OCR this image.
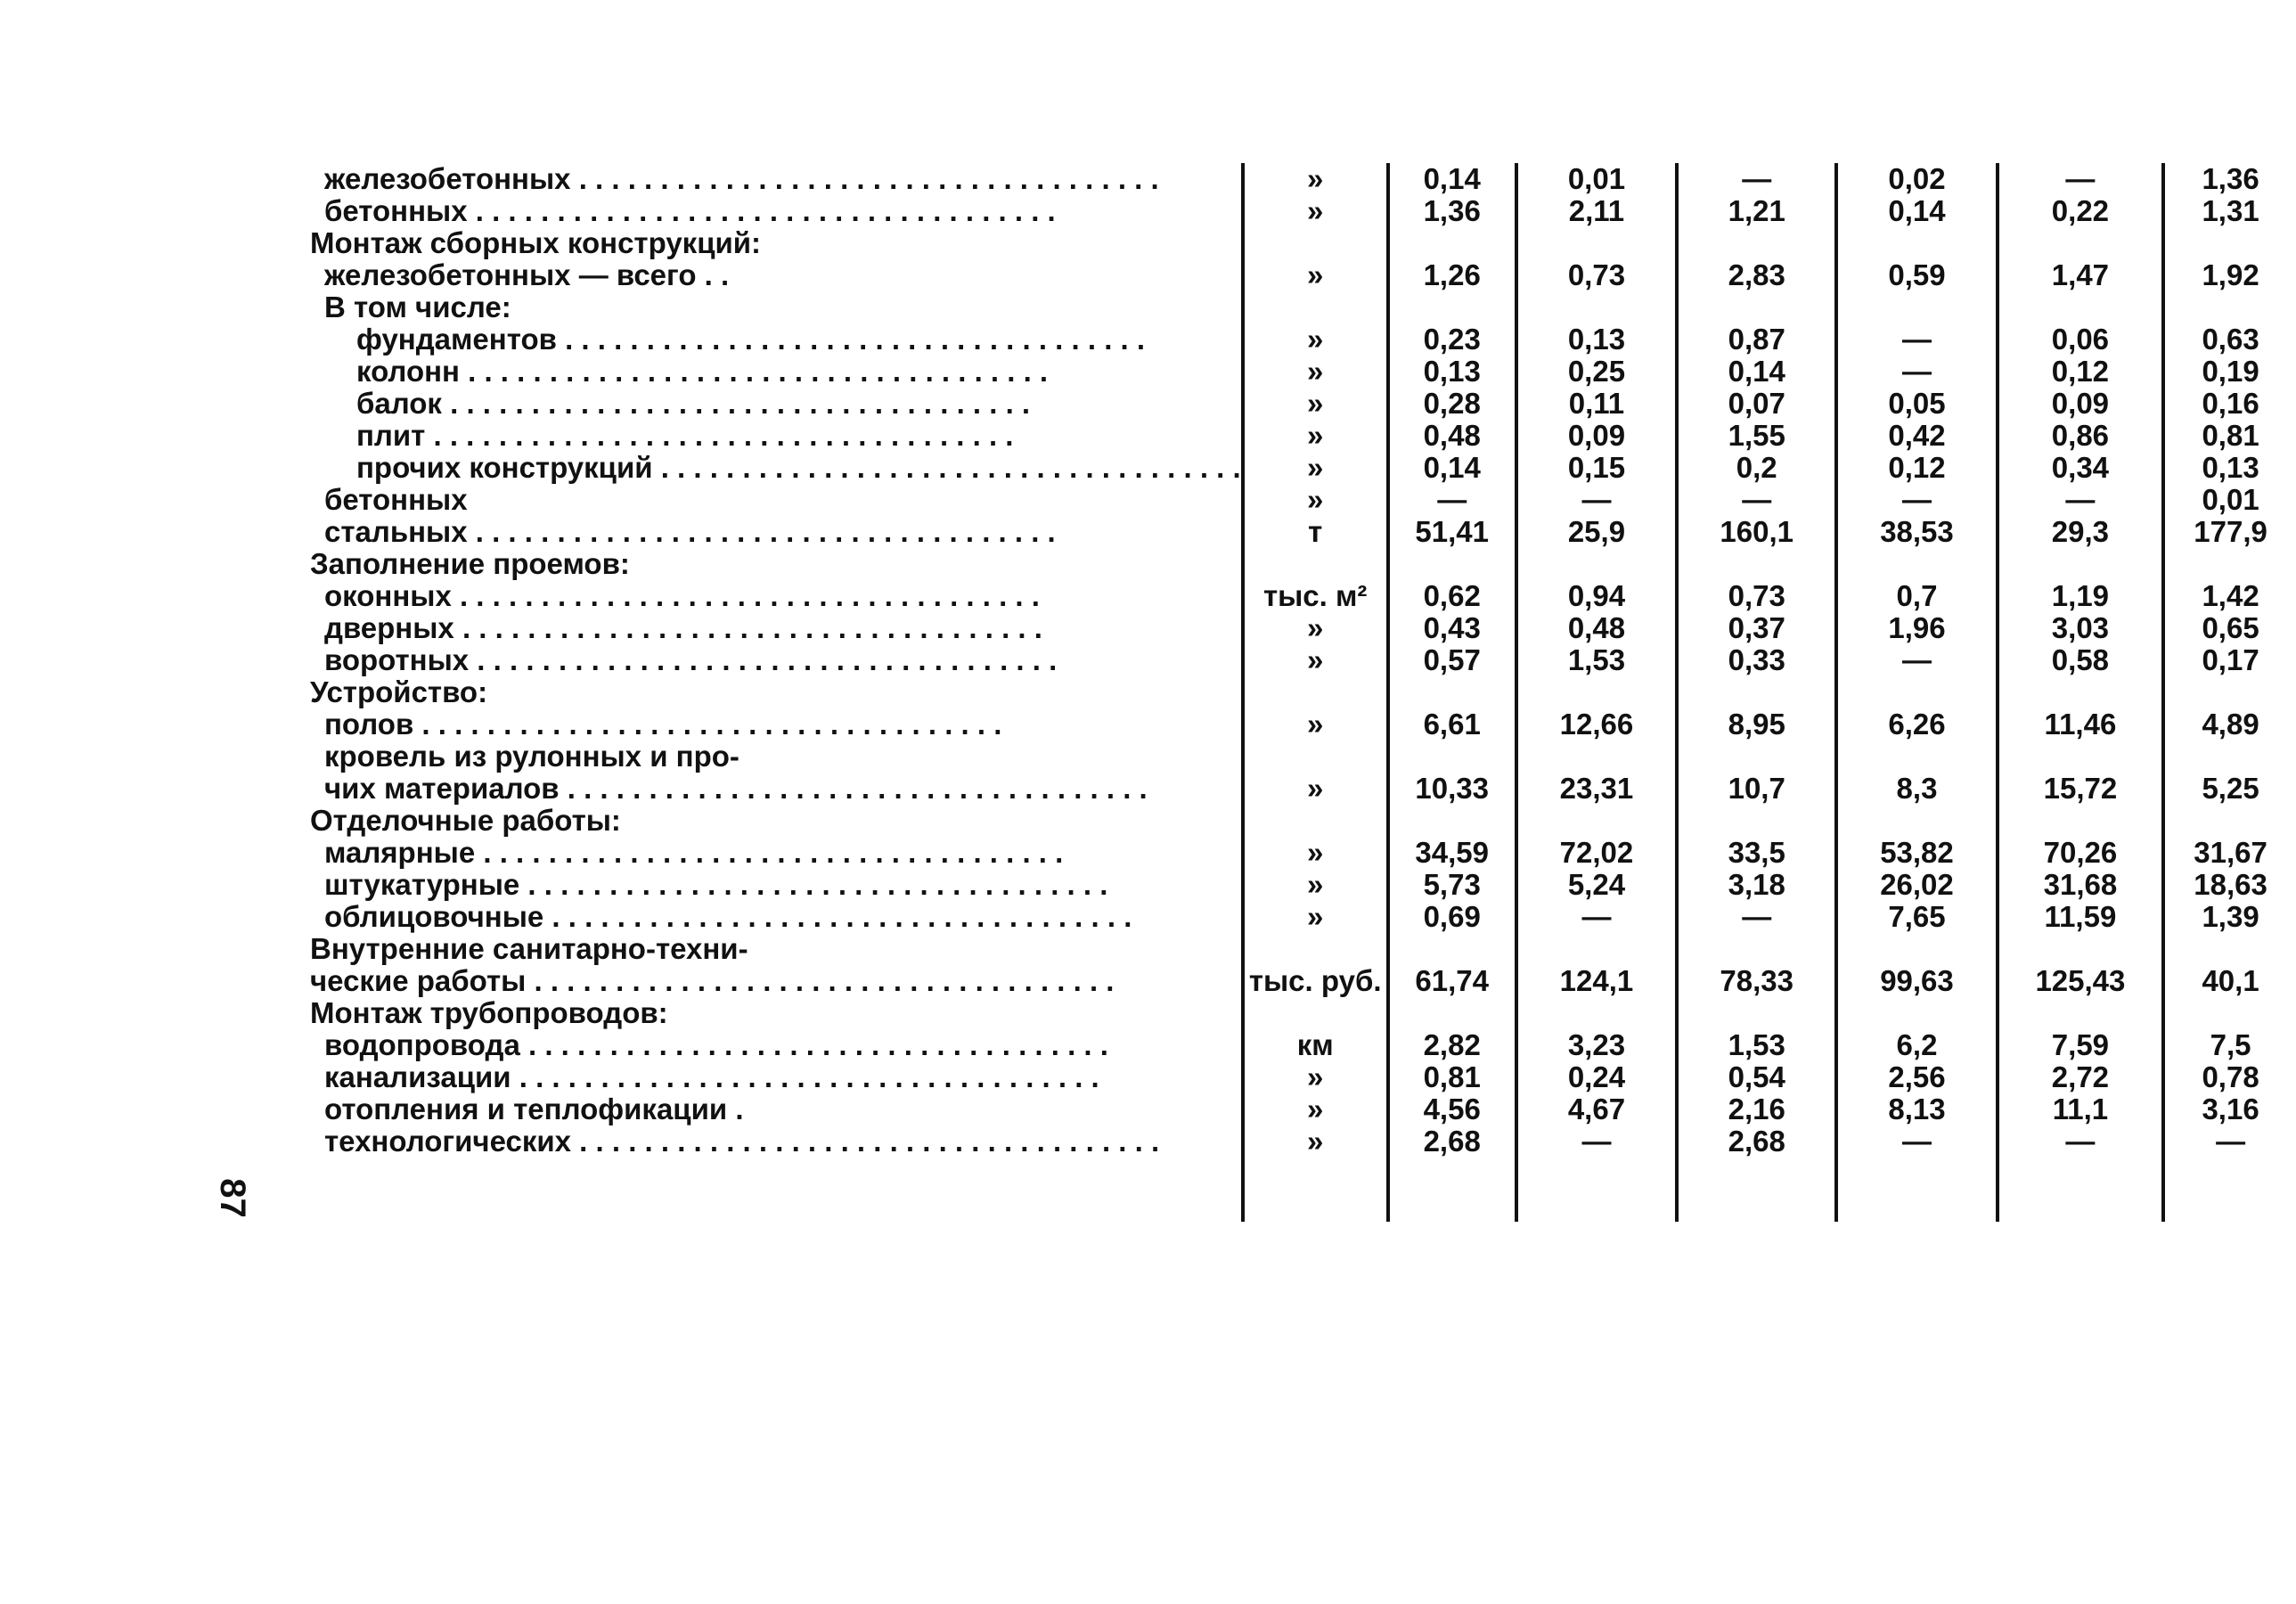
железобетонных . . .	»	0,14	0,01	—	0,02	—	1,36

бетонных . . .	»	1,36	2,11	1,21	0,14	0,22	1,31

Монтаж сборных конструкций:							

железобетонных — всего . .	»	1,26	0,73	2,83	0,59	1,47	1,92

В том числе:							

фундаментов . . .	»	0,23	0,13	0,87	—	0,06	0,63

колонн . . .	»	0,13	0,25	0,14	—	0,12	0,19

балок . . .	»	0,28	0,11	0,07	0,05	0,09	0,16

плит . . .	»	0,48	0,09	1,55	0,42	0,86	0,81

прочих конструкций . . .	»	0,14	0,15	0,2	0,12	0,34	0,13

бетонных	»	—	—	—	—	—	0,01

стальных . . .	т	51,41	25,9	160,1	38,53	29,3	177,9

Заполнение проемов:							

оконных . . .	тыс. м²	0,62	0,94	0,73	0,7	1,19	1,42

дверных . . .	»	0,43	0,48	0,37	1,96	3,03	0,65

воротных . . .	»	0,57	1,53	0,33	—	0,58	0,17

Устройство:							

полов . . .	»	6,61	12,66	8,95	6,26	11,46	4,89

кровель из рулонных и про-							

чих материалов . . .	»	10,33	23,31	10,7	8,3	15,72	5,25

Отделочные работы:							

малярные . . .	»	34,59	72,02	33,5	53,82	70,26	31,67

штукатурные . . .	»	5,73	5,24	3,18	26,02	31,68	18,63

облицовочные . . .	»	0,69	—	—	7,65	11,59	1,39

Внутренние санитарно-техни-							

ческие работы . . .	тыс. руб.	61,74	124,1	78,33	99,63	125,43	40,1

Монтаж трубопроводов:							

водопровода . . .	км	2,82	3,23	1,53	6,2	7,59	7,5

канализации . . .	»	0,81	0,24	0,54	2,56	2,72	0,78

отопления и теплофикации .	»	4,56	4,67	2,16	8,13	11,1	3,16

технологических . . .	»	2,68	—	2,68	—	—	—

87
